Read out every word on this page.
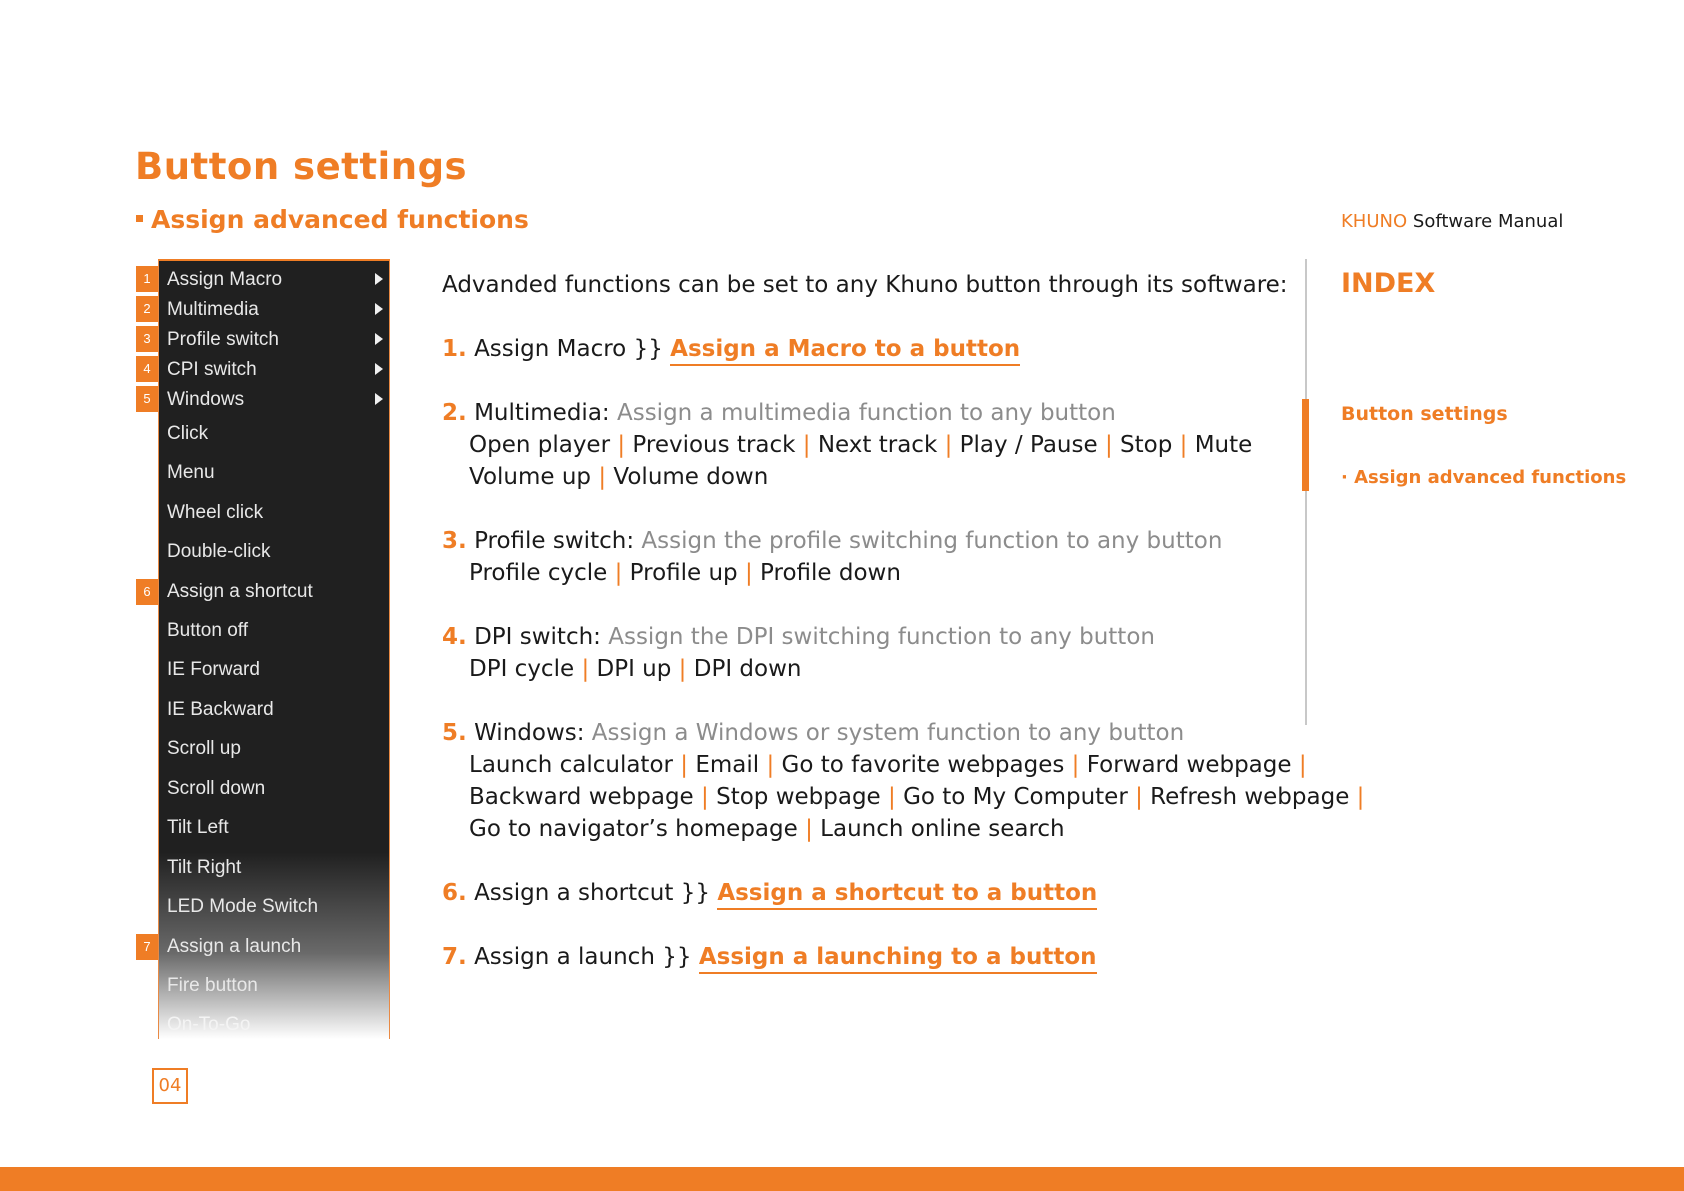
Button settings
Assign advanced functions	KHUNO Software Manual
1
2
3
4
5
6
7
Assign Macro
Multimedia
Profile switch
CPI switch
Windows
Click
Menu
Wheel click
Double-click
Assign a shortcut
Button off
IE Forward
IE Backward
Scroll up
Scroll down
Tilt Left
Tilt Right
LED Mode Switch
Assign a launch
Fire button
On-To-Go
Advanded functions can be set to any Khuno button through its software:
1. Assign Macro }} Assign a Macro to a button
2. Multimedia: Assign a multimedia function to any button
Open player | Previous track | Next track | Play / Pause | Stop | Mute
Volume up | Volume down
3. Profile switch: Assign the profile switching function to any button
Profile cycle | Profile up | Profile down
4. DPI switch: Assign the DPI switching function to any button
DPI cycle | DPI up | DPI down
5. Windows: Assign a Windows or system function to any button
Launch calculator | Email | Go to favorite webpages | Forward webpage |
Backward webpage | Stop webpage | Go to My Computer | Refresh webpage |
Go to navigator’s homepage | Launch online search
6. Assign a shortcut }} Assign a shortcut to a button
7. Assign a launch }} Assign a launching to a button
INDEX
Button settings
· Assign advanced functions
04
